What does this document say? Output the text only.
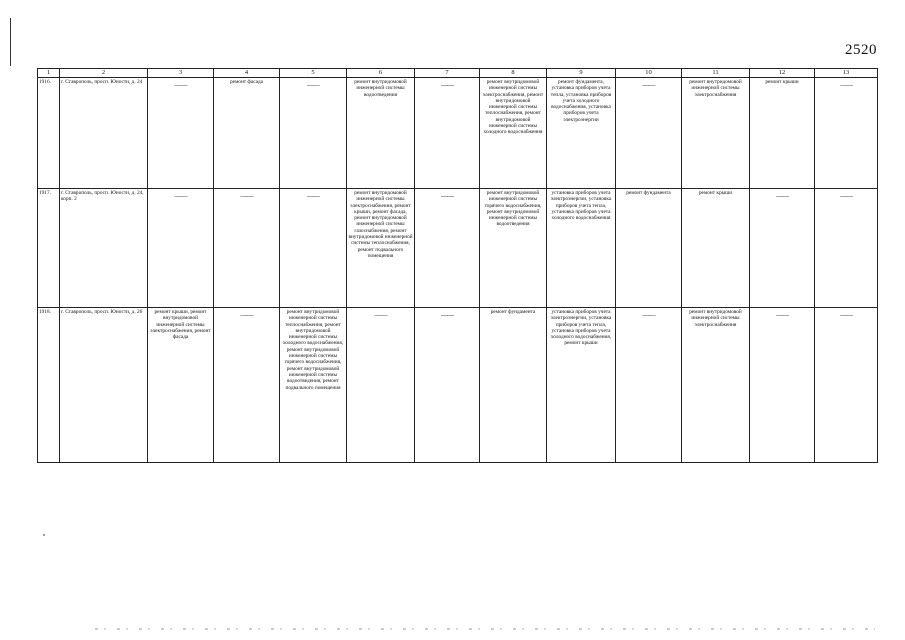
2520
1	2	3	4	5	6	7	8	9	10	11	12	13
1916.	г. Ставрополь, просп. Юности, д. 24	——	ремонт фасада	——	ремонт внутридомовой инженерной системы водоотведения	——	ремонт внутридомовой инженерной системы электроснабжения, ремонт внутридомовой инженерной системы теплоснабжения, ремонт внутридомовой инженерной системы холодного водоснабжения	ремонт фундамента, установка приборов учета тепла, установка приборов учета холодного водоснабжения, установка приборов учета электроэнергии	——	ремонт внутридомовой инженерной системы электроснабжения	ремонт крыши	——

1917.	г. Ставрополь, просп. Юности, д. 24, корп. 2	——	——	——	ремонт внутридомовой инженерной системы электроснабжения, ремонт крыши, ремонт фасада, ремонт внутридомовой инженерной системы газоснабжения, ремонт внутридомовой инженерной системы теплоснабжения, ремонт подвального помещения	——	ремонт внутридомовой инженерной системы горячего водоснабжения, ремонт внутридомовой инженерной системы водоотведения	установка приборов учета электроэнергии, установка приборов учета тепла, установка приборов учета холодного водоснабжения	ремонт фундамента	ремонт крыши	——	——

1918.	г. Ставрополь, просп. Юности, д. 26	ремонт крыши, ремонт внутридомовой инженерной системы электроснабжения, ремонт фасада	——	ремонт внутридомовой инженерной системы теплоснабжения, ремонт внутридомовой инженерной системы холодного водоснабжения, ремонт внутридомовой инженерной системы горячего водоснабжения, ремонт внутридомовой инженерной системы водоотведения, ремонт подвального помещения	——	——	ремонт фундамента	установка приборов учета электроэнергии, установка приборов учета тепла, установка приборов учета холодного водоснабжения, ремонт крыши	——	ремонт внутридомовой инженерной системы электроснабжения	——	——
